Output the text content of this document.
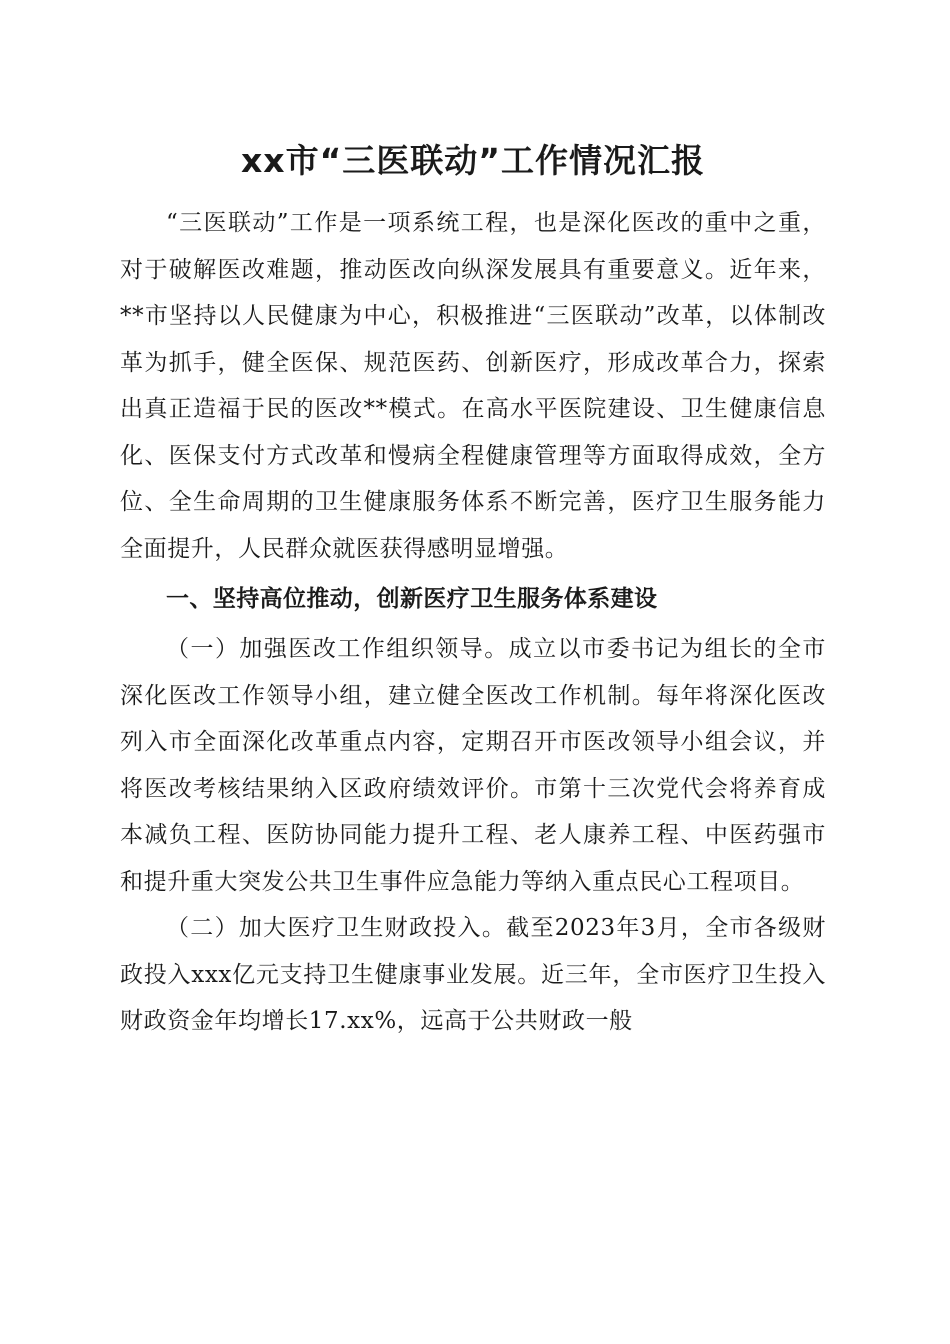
xx市“三医联动”工作情况汇报

“三医联动”工作是一项系统工程，也是深化医改的重中之重，对于破解医改难题，推动医改向纵深发展具有重要意义。近年来，**市坚持以人民健康为中心，积极推进“三医联动”改革，以体制改革为抓手，健全医保、规范医药、创新医疗，形成改革合力，探索出真正造福于民的医改**模式。在高水平医院建设、卫生健康信息化、医保支付方式改革和慢病全程健康管理等方面取得成效，全方位、全生命周期的卫生健康服务体系不断完善，医疗卫生服务能力全面提升，人民群众就医获得感明显增强。

一、坚持高位推动，创新医疗卫生服务体系建设

（一）加强医改工作组织领导。成立以市委书记为组长的全市深化医改工作领导小组，建立健全医改工作机制。每年将深化医改列入市全面深化改革重点内容，定期召开市医改领导小组会议，并将医改考核结果纳入区政府绩效评价。市第十三次党代会将养育成本减负工程、医防协同能力提升工程、老人康养工程、中医药强市和提升重大突发公共卫生事件应急能力等纳入重点民心工程项目。

（二）加大医疗卫生财政投入。截至2023年3月，全市各级财政投入xxx亿元支持卫生健康事业发展。近三年，全市医疗卫生投入财政资金年均增长17.xx%，远高于公共财政一般
